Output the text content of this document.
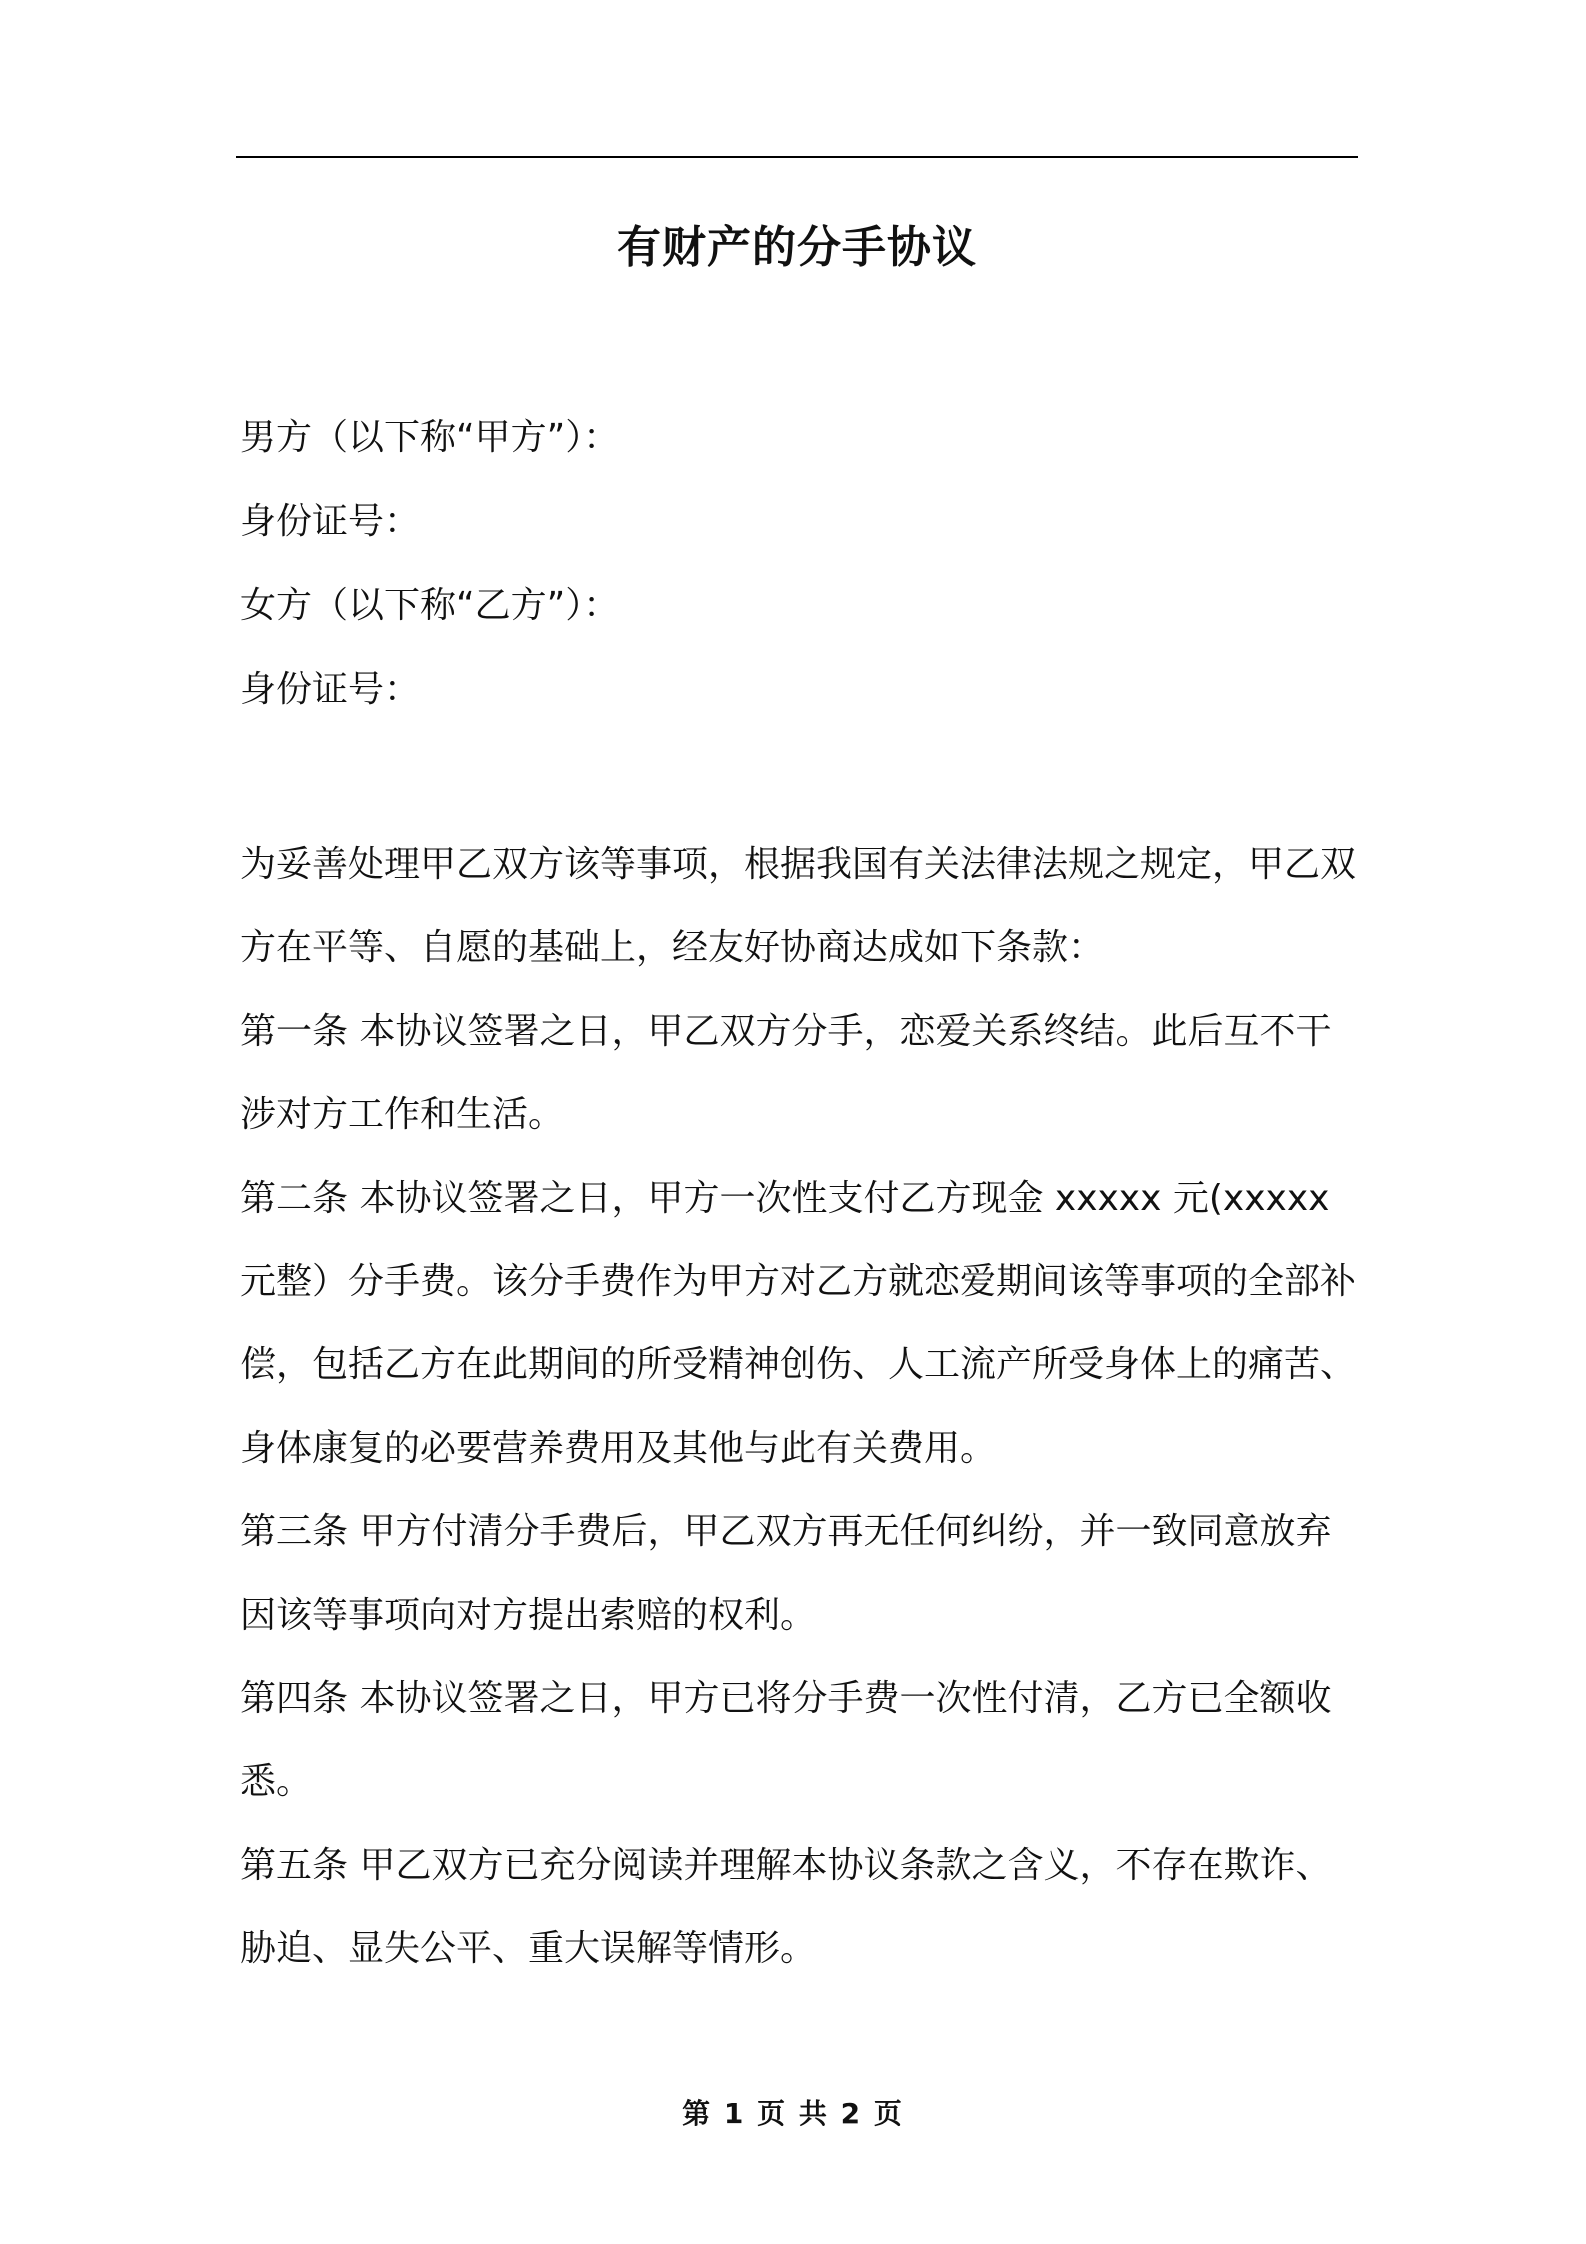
有财产的分手协议
男方（以下称“甲方”）：
身份证号：
女方（以下称“乙方”）：
身份证号：

为妥善处理甲乙双方该等事项，根据我国有关法律法规之规定，甲乙双方在平等、自愿的基础上，经友好协商达成如下条款：

第一条 本协议签署之日，甲乙双方分手，恋爱关系终结。此后互不干涉对方工作和生活。

第二条 本协议签署之日，甲方一次性支付乙方现金 xxxxx 元(xxxxx元整）分手费。该分手费作为甲方对乙方就恋爱期间该等事项的全部补偿，包括乙方在此期间的所受精神创伤、人工流产所受身体上的痛苦、身体康复的必要营养费用及其他与此有关费用。

第三条 甲方付清分手费后，甲乙双方再无任何纠纷，并一致同意放弃因该等事项向对方提出索赔的权利。

第四条 本协议签署之日，甲方已将分手费一次性付清，乙方已全额收悉。

第五条 甲乙双方已充分阅读并理解本协议条款之含义，不存在欺诈、胁迫、显失公平、重大误解等情形。

第 1 页 共 2 页
